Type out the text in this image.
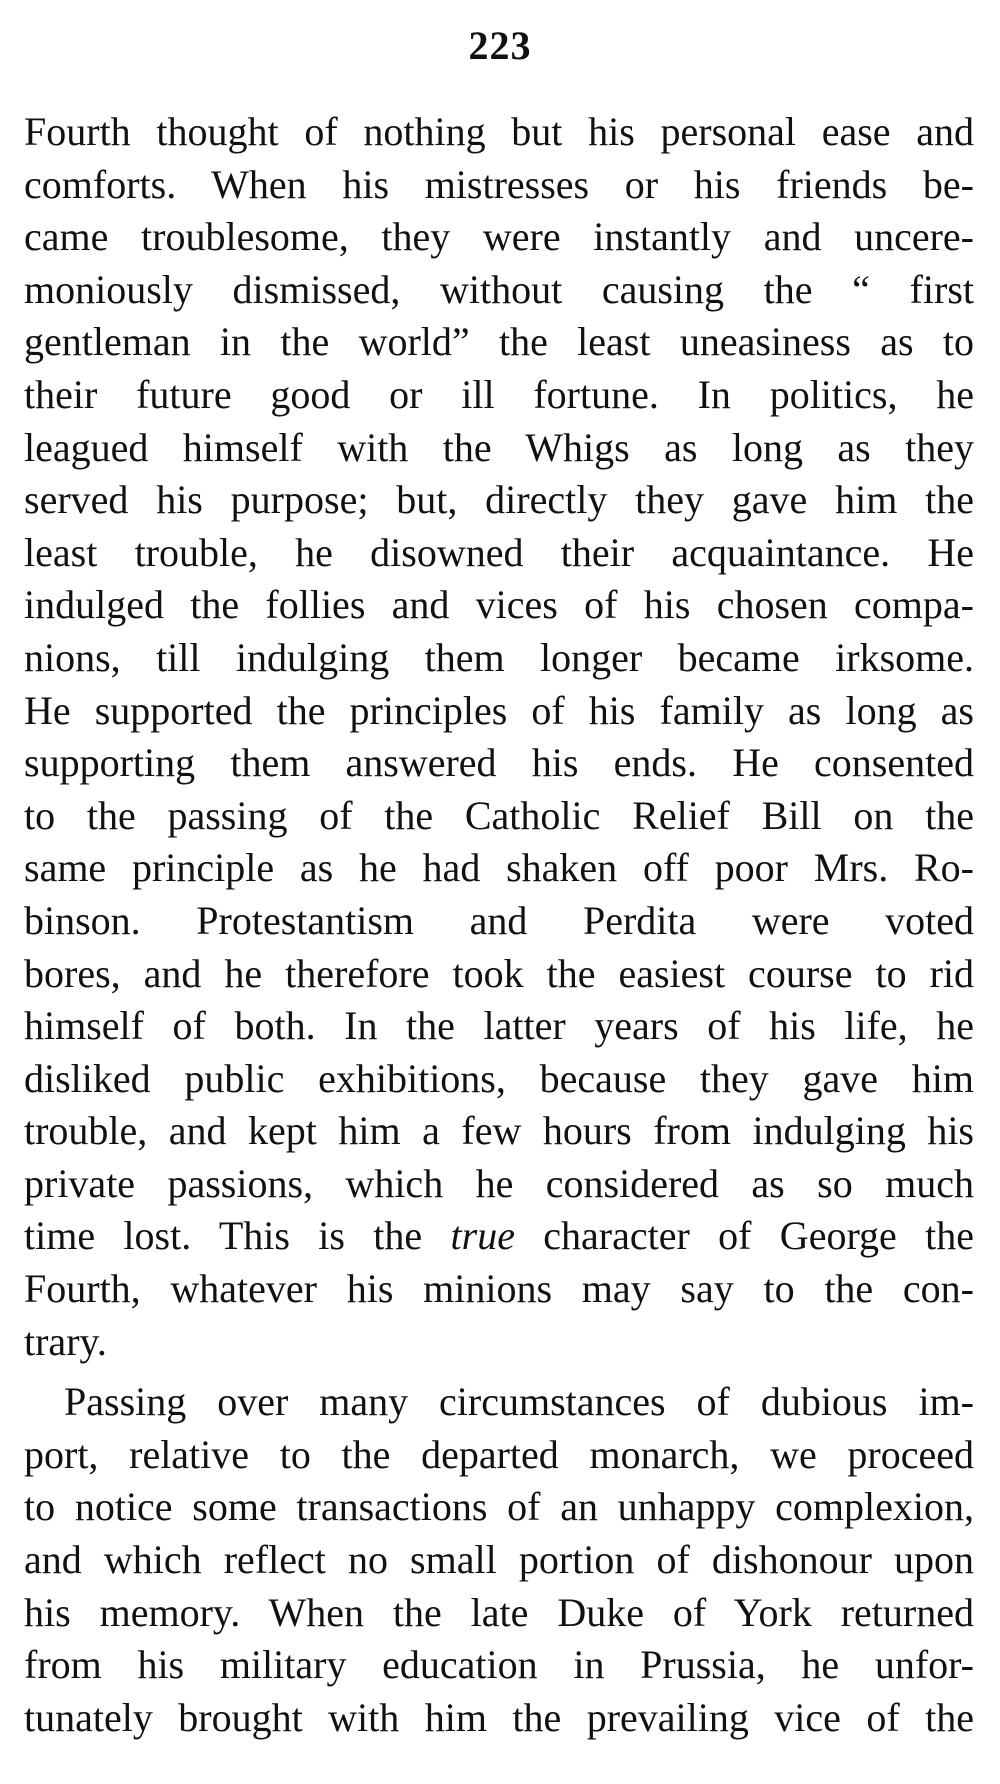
223
Fourth thought of nothing but his personal ease and
comforts. When his mistresses or his friends be-
came troublesome, they were instantly and uncere-
moniously dismissed, without causing the “ first
gentleman in the world” the least uneasiness as to
their future good or ill fortune. In politics, he
leagued himself with the Whigs as long as they
served his purpose; but, directly they gave him the
least trouble, he disowned their acquaintance. He
indulged the follies and vices of his chosen compa-
nions, till indulging them longer became irksome.
He supported the principles of his family as long as
supporting them answered his ends. He consented
to the passing of the Catholic Relief Bill on the
same principle as he had shaken off poor Mrs. Ro-
binson. Protestantism and Perdita were voted
bores, and he therefore took the easiest course to rid
himself of both. In the latter years of his life, he
disliked public exhibitions, because they gave him
trouble, and kept him a few hours from indulging his
private passions, which he considered as so much
time lost. This is the true character of George the
Fourth, whatever his minions may say to the con-
trary.
Passing over many circumstances of dubious im-
port, relative to the departed monarch, we proceed
to notice some transactions of an unhappy complexion,
and which reflect no small portion of dishonour upon
his memory. When the late Duke of York returned
from his military education in Prussia, he unfor-
tunately brought with him the prevailing vice of the
